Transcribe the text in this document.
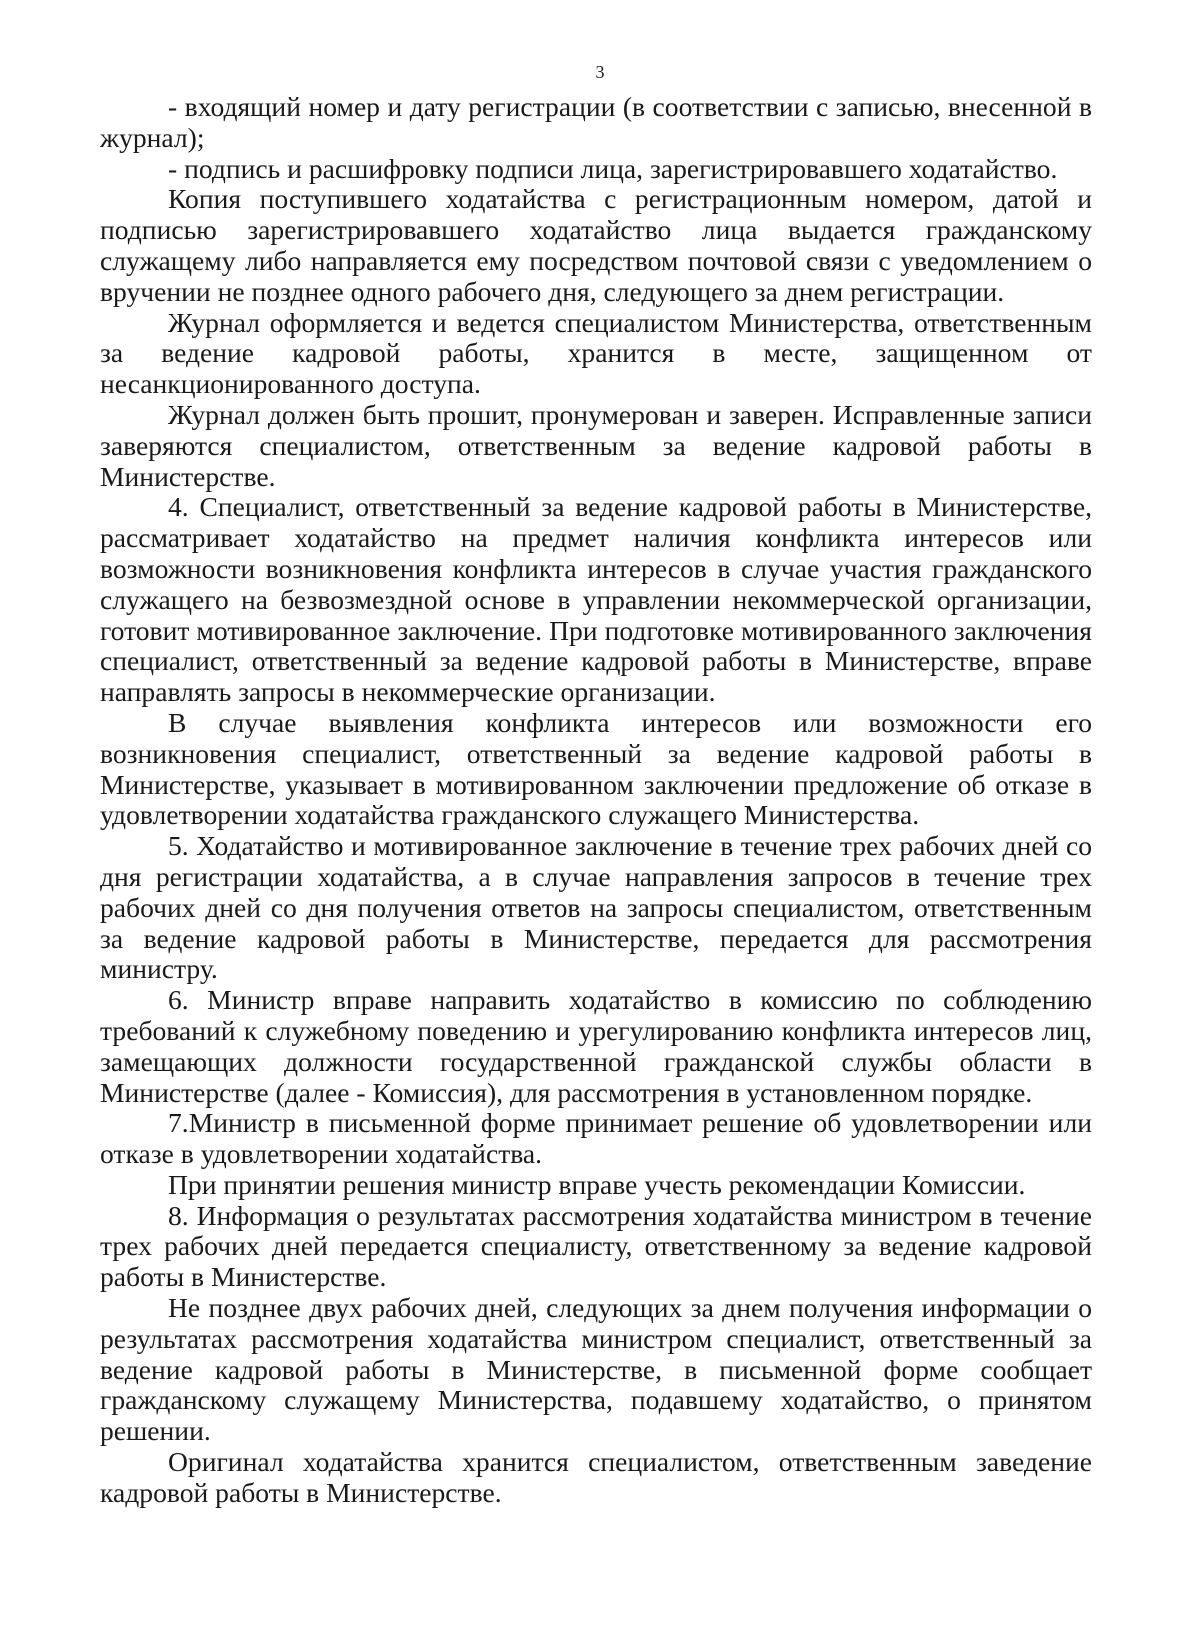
3

- входящий номер и дату регистрации (в соответствии с записью, внесенной в журнал);

- подпись и расшифровку подписи лица, зарегистрировавшего ходатайство.

Копия поступившего ходатайства с регистрационным номером, датой и подписью зарегистрировавшего ходатайство лица выдается гражданскому служащему либо направляется ему посредством почтовой связи с уведомлением о вручении не позднее одного рабочего дня, следующего за днем регистрации.

Журнал оформляется и ведется специалистом Министерства, ответственным за ведение кадровой работы, хранится в месте, защищенном от несанкционированного доступа.

Журнал должен быть прошит, пронумерован и заверен. Исправленные записи заверяются специалистом, ответственным за ведение кадровой работы в Министерстве.

4. Специалист, ответственный за ведение кадровой работы в Министерстве, рассматривает ходатайство на предмет наличия конфликта интересов или возможности возникновения конфликта интересов в случае участия гражданского служащего на безвозмездной основе в управлении некоммерческой организации, готовит мотивированное заключение. При подготовке мотивированного заключения специалист, ответственный за ведение кадровой работы в Министерстве, вправе направлять запросы в некоммерческие организации.

В случае выявления конфликта интересов или возможности его возникновения специалист, ответственный за ведение кадровой работы в Министерстве, указывает в мотивированном заключении предложение об отказе в удовлетворении ходатайства гражданского служащего Министерства.

5. Ходатайство и мотивированное заключение в течение трех рабочих дней со дня регистрации ходатайства, а в случае направления запросов в течение трех рабочих дней со дня получения ответов на запросы специалистом, ответственным за ведение кадровой работы в Министерстве, передается для рассмотрения министру.

6. Министр вправе направить ходатайство в комиссию по соблюдению требований к служебному поведению и урегулированию конфликта интересов лиц, замещающих должности государственной гражданской службы области в Министерстве (далее - Комиссия), для рассмотрения в установленном порядке.

7.Министр в письменной форме принимает решение об удовлетворении или отказе в удовлетворении ходатайства.

При принятии решения министр вправе учесть рекомендации Комиссии.

8. Информация о результатах рассмотрения ходатайства министром в течение трех рабочих дней передается специалисту, ответственному за ведение кадровой работы в Министерстве.

Не позднее двух рабочих дней, следующих за днем получения информации о результатах рассмотрения ходатайства министром специалист, ответственный за ведение кадровой работы в Министерстве, в письменной форме сообщает гражданскому служащему Министерства, подавшему ходатайство, о принятом решении.

Оригинал ходатайства хранится специалистом, ответственным заведение кадровой работы в Министерстве.
